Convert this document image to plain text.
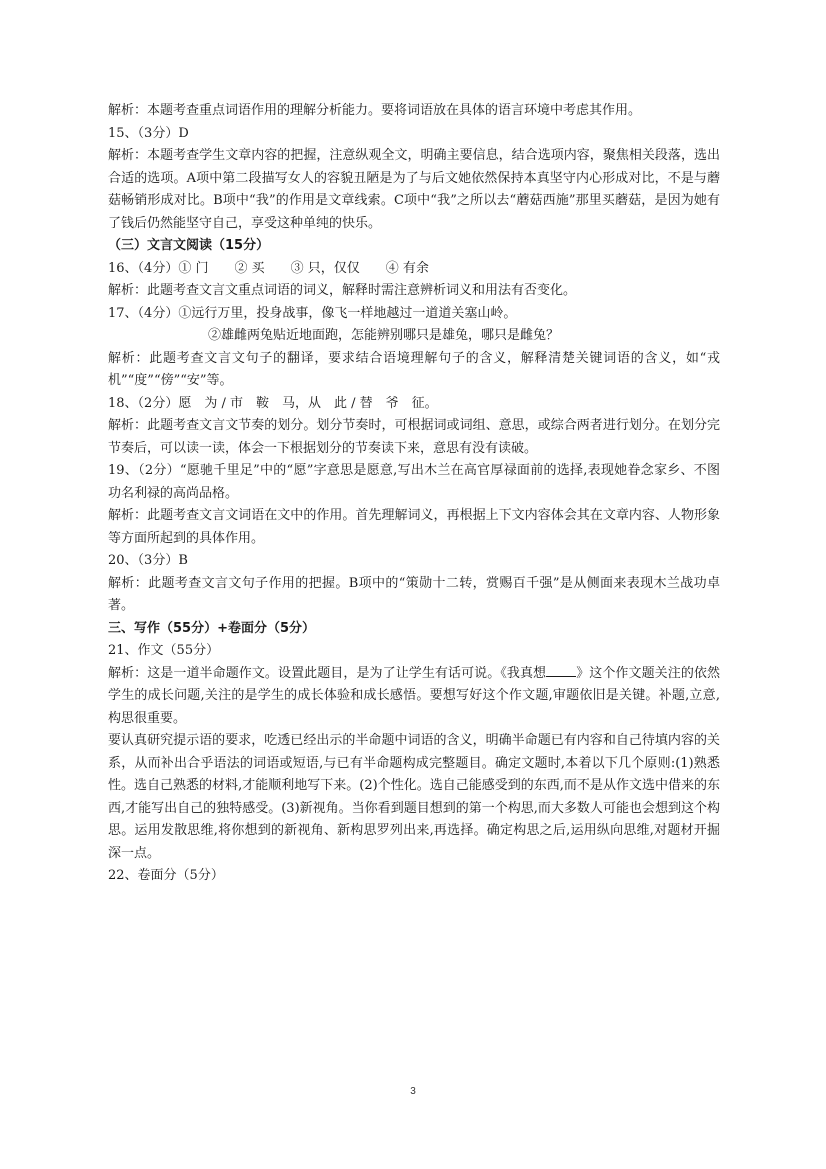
解析：本题考查重点词语作用的理解分析能力。要将词语放在具体的语言环境中考虑其作用。
15、（3分）D
解析：本题考查学生文章内容的把握，注意纵观全文，明确主要信息，结合选项内容，聚焦相关段落，选出合适的选项。A项中第二段描写女人的容貌丑陋是为了与后文她依然保持本真坚守内心形成对比，不是与蘑菇畅销形成对比。B项中“我”的作用是文章线索。C项中“我”之所以去“蘑菇西施”那里买蘑菇，是因为她有了钱后仍然能坚守自己，享受这种单纯的快乐。
（三）文言文阅读（15分）
16、（4分）① 门　　② 买　　③ 只，仅仅　　④ 有余
解析：此题考查文言文重点词语的词义，解释时需注意辨析词义和用法有否变化。
17、（4分）①远行万里，投身战事，像飞一样地越过一道道关塞山岭。
②雄雌两兔贴近地面跑，怎能辨别哪只是雄兔，哪只是雌兔？
解析：此题考查文言文句子的翻译，要求结合语境理解句子的含义，解释清楚关键词语的含义，如“戎机”“度”“傍”“安”等。
18、（2分）愿　为 / 市　鞍　马，从　此 / 替　爷　征。
解析：此题考查文言文节奏的划分。划分节奏时，可根据词或词组、意思，或综合两者进行划分。在划分完节奏后，可以读一读，体会一下根据划分的节奏读下来，意思有没有读破。
19、（2分）“愿驰千里足”中的“愿”字意思是愿意,写出木兰在高官厚禄面前的选择,表现她眷念家乡、不图功名利禄的高尚品格。
解析：此题考查文言文词语在文中的作用。首先理解词义，再根据上下文内容体会其在文章内容、人物形象等方面所起到的具体作用。
20、（3分）B
解析：此题考查文言文句子作用的把握。B项中的“策勋十二转，赏赐百千强”是从侧面来表现木兰战功卓著。
三、写作（55分）+卷面分（5分）
21、作文（55分）
解析：这是一道半命题作文。设置此题目，是为了让学生有话可说。《我真想 》这个作文题关注的依然学生的成长问题,关注的是学生的成长体验和成长感悟。要想写好这个作文题,审题依旧是关键。补题,立意,构思很重要。
要认真研究提示语的要求，吃透已经出示的半命题中词语的含义，明确半命题已有内容和自己待填内容的关系，从而补出合乎语法的词语或短语,与已有半命题构成完整题目。确定文题时,本着以下几个原则:(1)熟悉性。选自己熟悉的材料,才能顺利地写下来。(2)个性化。选自己能感受到的东西,而不是从作文选中借来的东西,才能写出自己的独特感受。(3)新视角。当你看到题目想到的第一个构思,而大多数人可能也会想到这个构思。运用发散思维,将你想到的新视角、新构思罗列出来,再选择。确定构思之后,运用纵向思维,对题材开掘深一点。
22、卷面分（5分）
3
